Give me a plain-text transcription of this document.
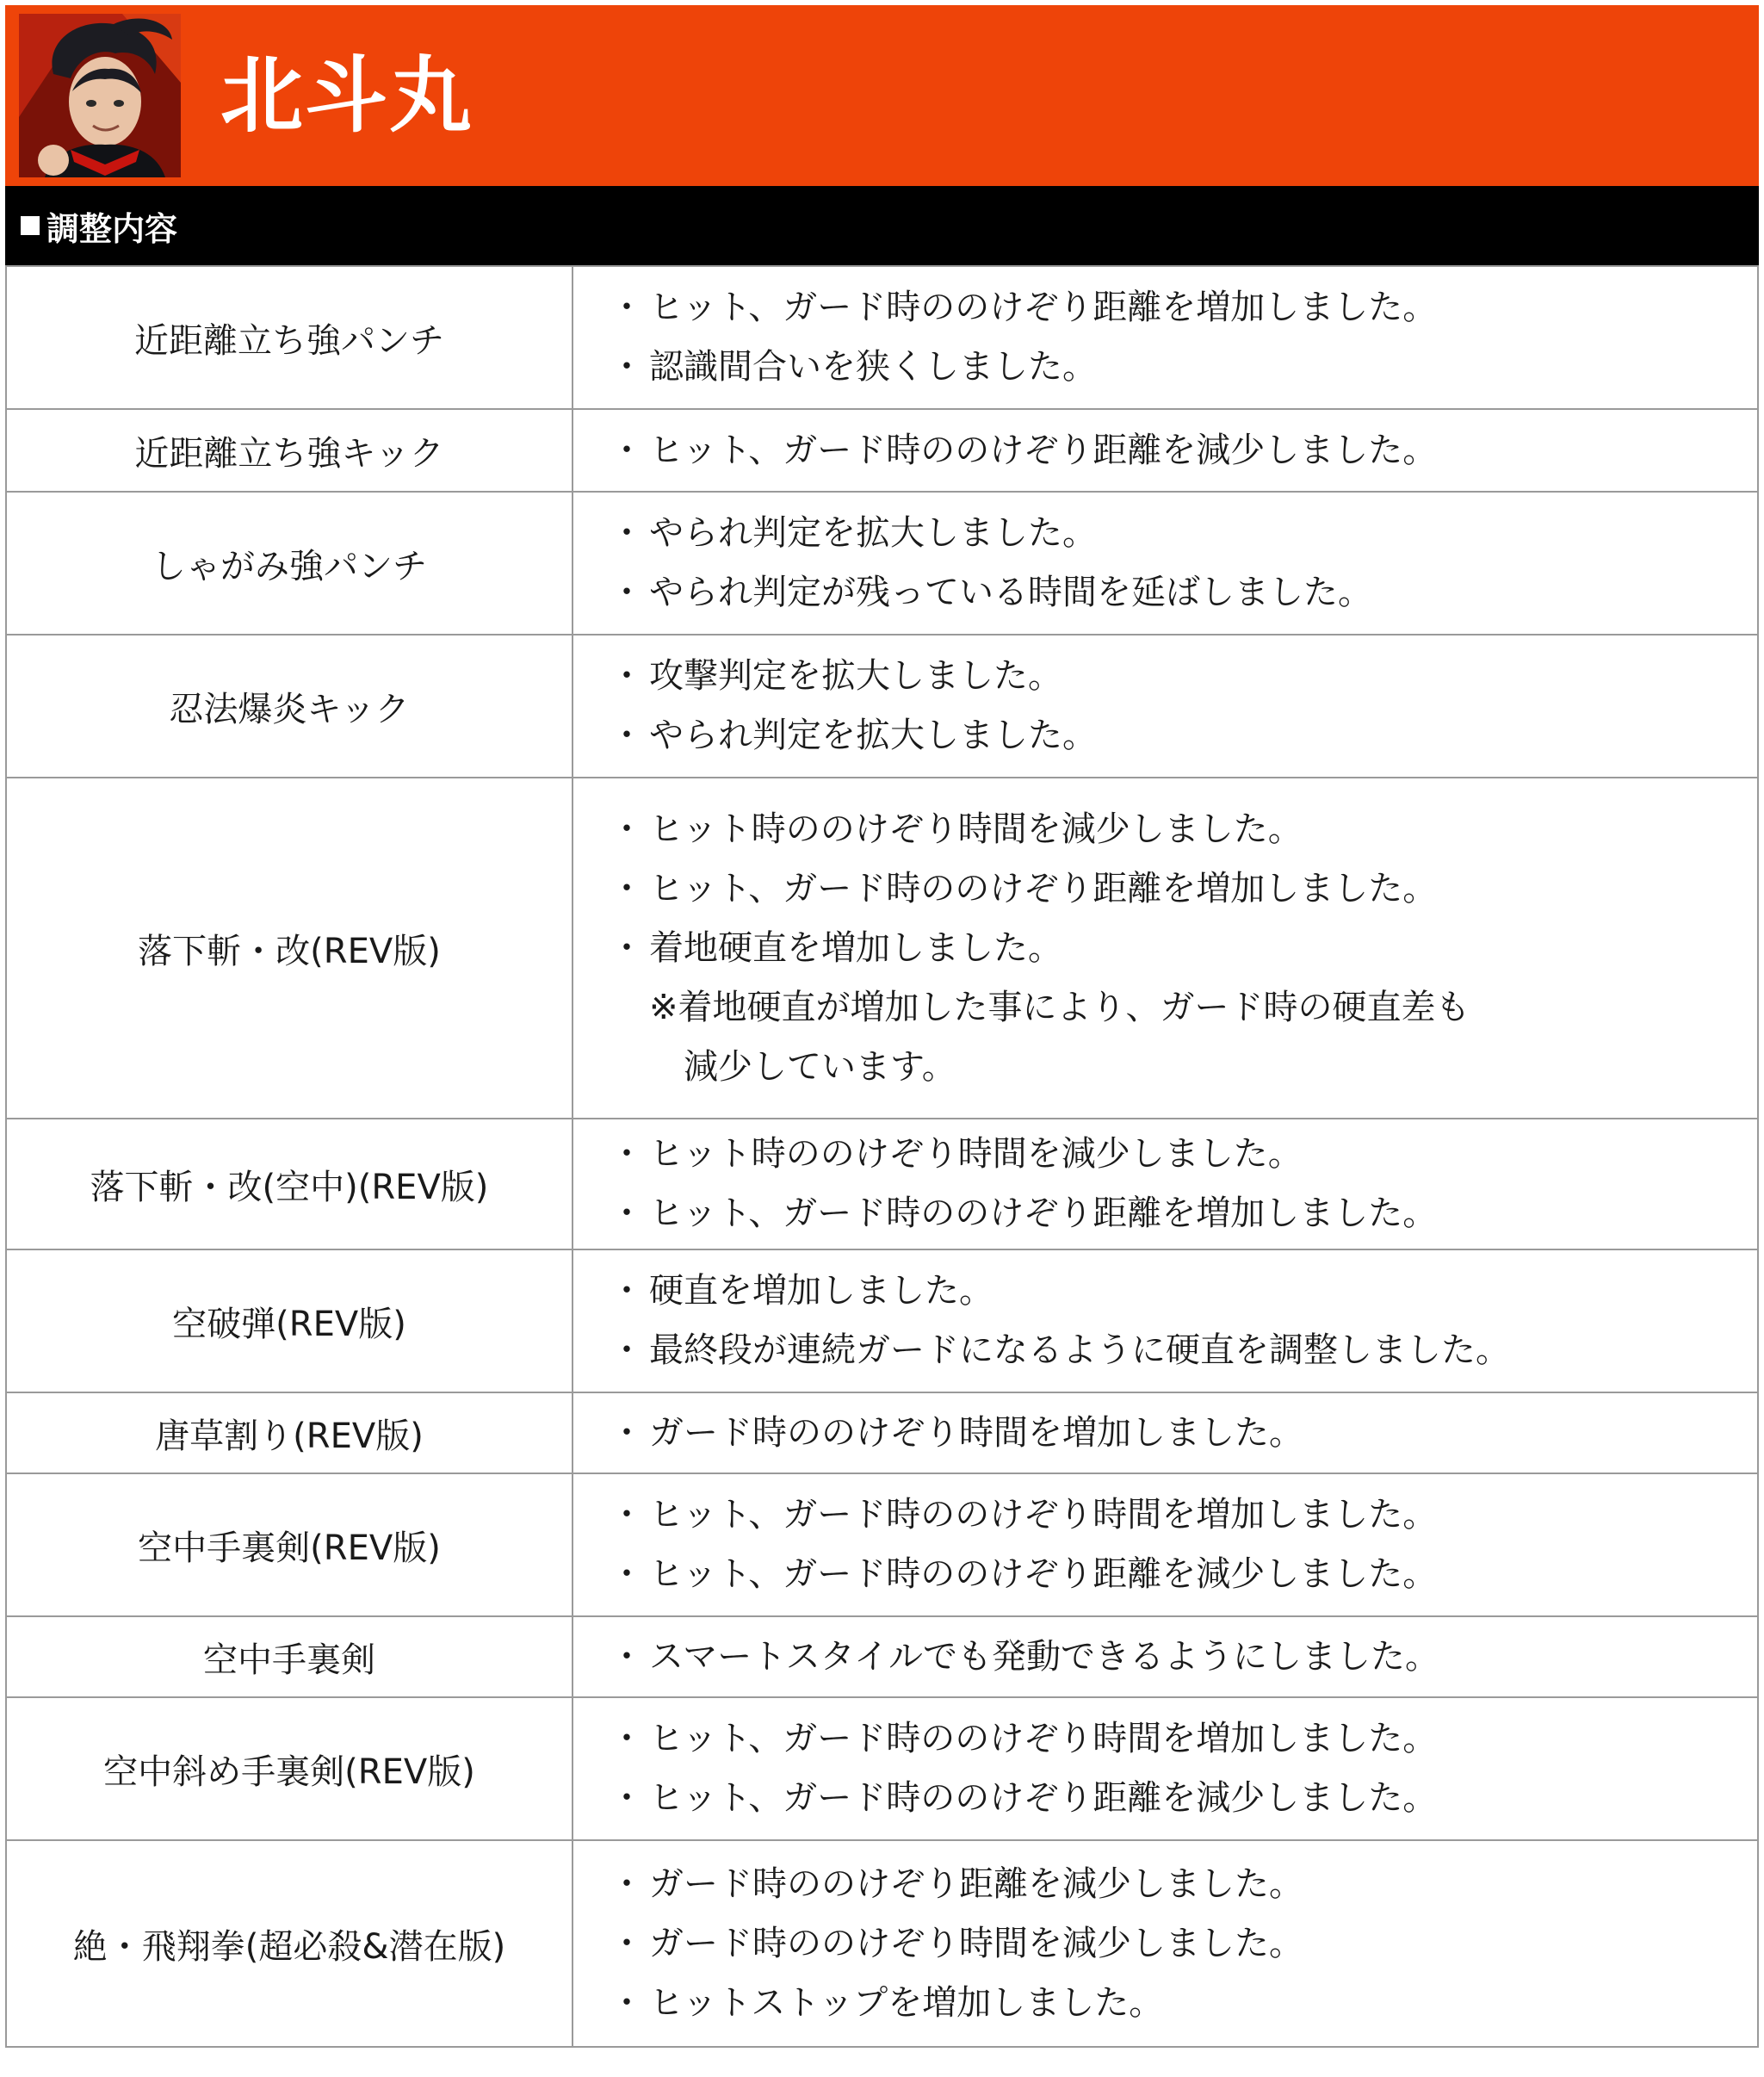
北斗丸
調整内容
近距離立ち強パンチ	・ ヒット、ガード時ののけぞり距離を増加しました。
・ 認識間合いを狭くしました。

近距離立ち強キック	・ ヒット、ガード時ののけぞり距離を減少しました。

しゃがみ強パンチ	・ やられ判定を拡大しました。
・ やられ判定が残っている時間を延ばしました。

忍法爆炎キック	・ 攻撃判定を拡大しました。
・ やられ判定を拡大しました。

落下斬・改(REV版)	・ ヒット時ののけぞり時間を減少しました。
・ ヒット、ガード時ののけぞり距離を増加しました。
・ 着地硬直を増加しました。
※着地硬直が増加した事により、ガード時の硬直差も
減少しています。

落下斬・改(空中)(REV版)	・ ヒット時ののけぞり時間を減少しました。
・ ヒット、ガード時ののけぞり距離を増加しました。

空破弾(REV版)	・ 硬直を増加しました。
・ 最終段が連続ガードになるように硬直を調整しました。

唐草割り(REV版)	・ ガード時ののけぞり時間を増加しました。

空中手裏剣(REV版)	・ ヒット、ガード時ののけぞり時間を増加しました。
・ ヒット、ガード時ののけぞり距離を減少しました。

空中手裏剣	・ スマートスタイルでも発動できるようにしました。

空中斜め手裏剣(REV版)	・ ヒット、ガード時ののけぞり時間を増加しました。
・ ヒット、ガード時ののけぞり距離を減少しました。

絶・飛翔拳(超必殺&潜在版)	・ ガード時ののけぞり距離を減少しました。
・ ガード時ののけぞり時間を減少しました。
・ ヒットストップを増加しました。
